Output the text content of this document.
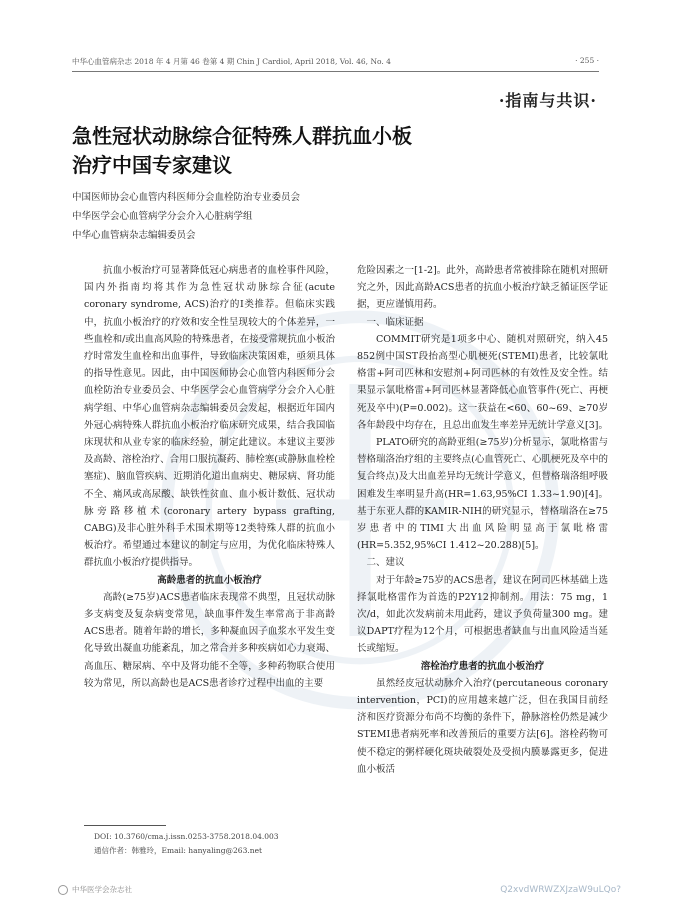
中华心血管病杂志 2018 年 4 月第 46 卷第 4 期 Chin J Cardiol, April 2018, Vol. 46, No. 4	· 255 ·
·指南与共识·
急性冠状动脉综合征特殊人群抗血小板
治疗中国专家建议
中国医师协会心血管内科医师分会血栓防治专业委员会
中华医学会心血管病学分会介入心脏病学组
中华心血管病杂志编辑委员会

抗血小板治疗可显著降低冠心病患者的血栓事件风险，国内外指南均将其作为急性冠状动脉综合征(acute coronary syndrome, ACS)治疗的Ⅰ类推荐。但临床实践中，抗血小板治疗的疗效和安全性呈现较大的个体差异，一些血栓和/或出血高风险的特殊患者，在接受常规抗血小板治疗时常发生血栓和出血事件，导致临床决策困难，亟须具体的指导性意见。因此，由中国医师协会心血管内科医师分会血栓防治专业委员会、中华医学会心血管病学分会介入心脏病学组、中华心血管病杂志编辑委员会发起，根据近年国内外冠心病特殊人群抗血小板治疗临床研究成果，结合我国临床现状和从业专家的临床经验，制定此建议。本建议主要涉及高龄、溶栓治疗、合用口服抗凝药、肺栓塞(或静脉血栓栓塞症)、脑血管疾病、近期消化道出血病史、糖尿病、肾功能不全、痛风或高尿酸、缺铁性贫血、血小板计数低、冠状动脉旁路移植术(coronary artery bypass grafting, CABG)及非心脏外科手术围术期等12类特殊人群的抗血小板治疗。希望通过本建议的制定与应用，为优化临床特殊人群抗血小板治疗提供指导。

高龄患者的抗血小板治疗

高龄(≥75岁)ACS患者临床表现常不典型，且冠状动脉多支病变及复杂病变常见，缺血事件发生率常高于非高龄ACS患者。随着年龄的增长，多种凝血因子血浆水平发生变化导致出凝血功能紊乱，加之常合并多种疾病如心力衰竭、高血压、糖尿病、卒中及肾功能不全等，多种药物联合使用较为常见，所以高龄也是ACS患者诊疗过程中出血的主要

危险因素之一[1-2]。此外，高龄患者常被排除在随机对照研究之外，因此高龄ACS患者的抗血小板治疗缺乏循证医学证据，更应谨慎用药。

一、临床证据

COMMIT研究是1项多中心、随机对照研究，纳入45 852例中国ST段抬高型心肌梗死(STEMI)患者，比较氯吡格雷+阿司匹林和安慰剂+阿司匹林的有效性及安全性。结果显示氯吡格雷+阿司匹林显著降低心血管事件(死亡、再梗死及卒中)(P=0.002)。这一获益在<60、60~69、≥70岁各年龄段中均存在，且总出血发生率差异无统计学意义[3]。

PLATO研究的高龄亚组(≥75岁)分析显示，氯吡格雷与替格瑞洛治疗组的主要终点(心血管死亡、心肌梗死及卒中的复合终点)及大出血差异均无统计学意义，但替格瑞洛组呼吸困难发生率明显升高(HR=1.63,95%CI 1.33~1.90)[4]。基于东亚人群的KAMIR-NIH的研究显示，替格瑞洛在≥75岁患者中的TIMI大出血风险明显高于氯吡格雷(HR=5.352,95%CI 1.412~20.288)[5]。

二、建议

对于年龄≥75岁的ACS患者，建议在阿司匹林基础上选择氯吡格雷作为首选的P2Y12抑制剂。用法：75 mg，1次/d，如此次发病前未用此药，建议予负荷量300 mg。建议DAPT疗程为12个月，可根据患者缺血与出血风险适当延长或缩短。

溶栓治疗患者的抗血小板治疗

虽然经皮冠状动脉介入治疗(percutaneous coronary intervention，PCI)的应用越来越广泛，但在我国目前经济和医疗资源分布尚不均衡的条件下，静脉溶栓仍然是减少STEMI患者病死率和改善预后的重要方法[6]。溶栓药物可使不稳定的粥样硬化斑块破裂处及受损内膜暴露更多，促进血小板活

DOI: 10.3760/cma.j.issn.0253-3758.2018.04.003
通信作者：韩雅玲，Email: hanyaling@263.net
中华医学会杂志社	Q2xvdWRWZXJzaW9uLQo?
